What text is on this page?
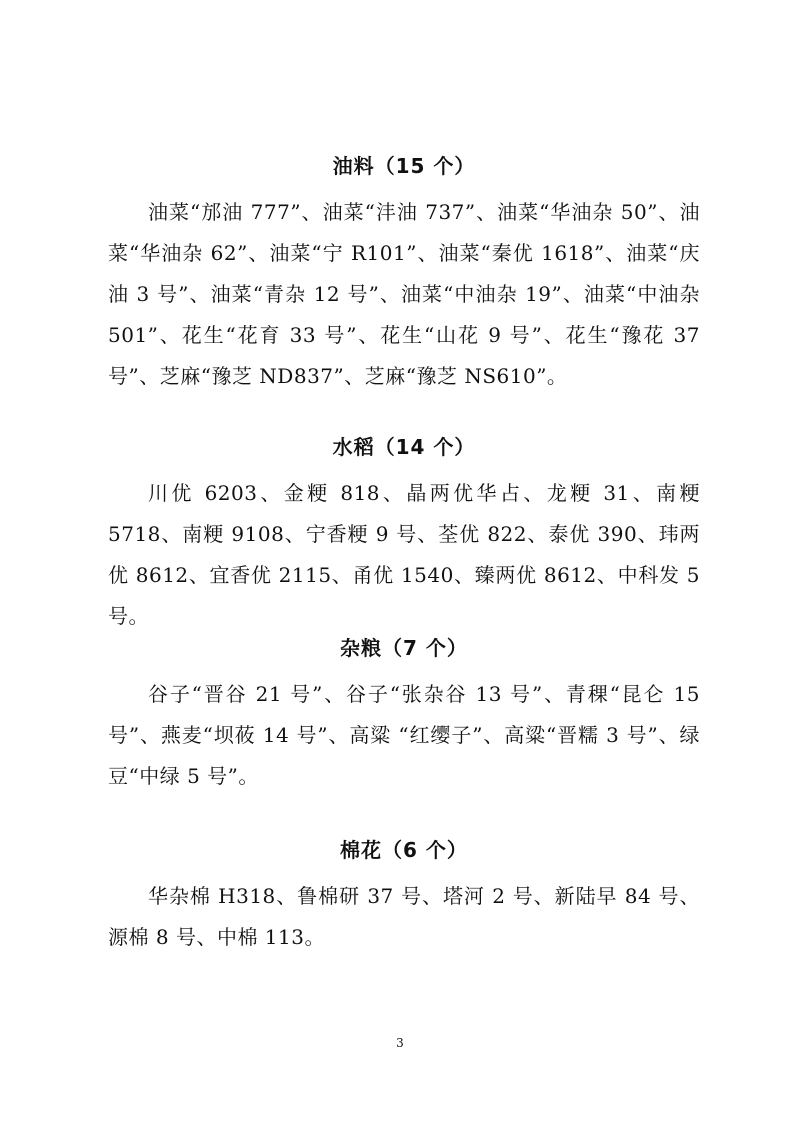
油料（15 个）

油菜“邡油 777”、油菜“沣油 737”、油菜“华油杂 50”、油菜“华油杂 62”、油菜“宁 R101”、油菜“秦优 1618”、油菜“庆油 3 号”、油菜“青杂 12 号”、油菜“中油杂 19”、油菜“中油杂 501”、花生“花育 33 号”、花生“山花 9 号”、花生“豫花 37 号”、芝麻“豫芝 ND837”、芝麻“豫芝 NS610”。

水稻（14 个）

川优 6203、金粳 818、晶两优华占、龙粳 31、南粳 5718、南粳 9108、宁香粳 9 号、荃优 822、泰优 390、玮两优 8612、宜香优 2115、甬优 1540、臻两优 8612、中科发 5 号。

杂粮（7 个）

谷子“晋谷 21 号”、谷子“张杂谷 13 号”、青稞“昆仑 15 号”、燕麦“坝莜 14 号”、高粱 “红缨子”、高粱“晋糯 3 号”、绿豆“中绿 5 号”。

棉花（6 个）

华杂棉 H318、鲁棉研 37 号、塔河 2 号、新陆早 84 号、源棉 8 号、中棉 113。

3
